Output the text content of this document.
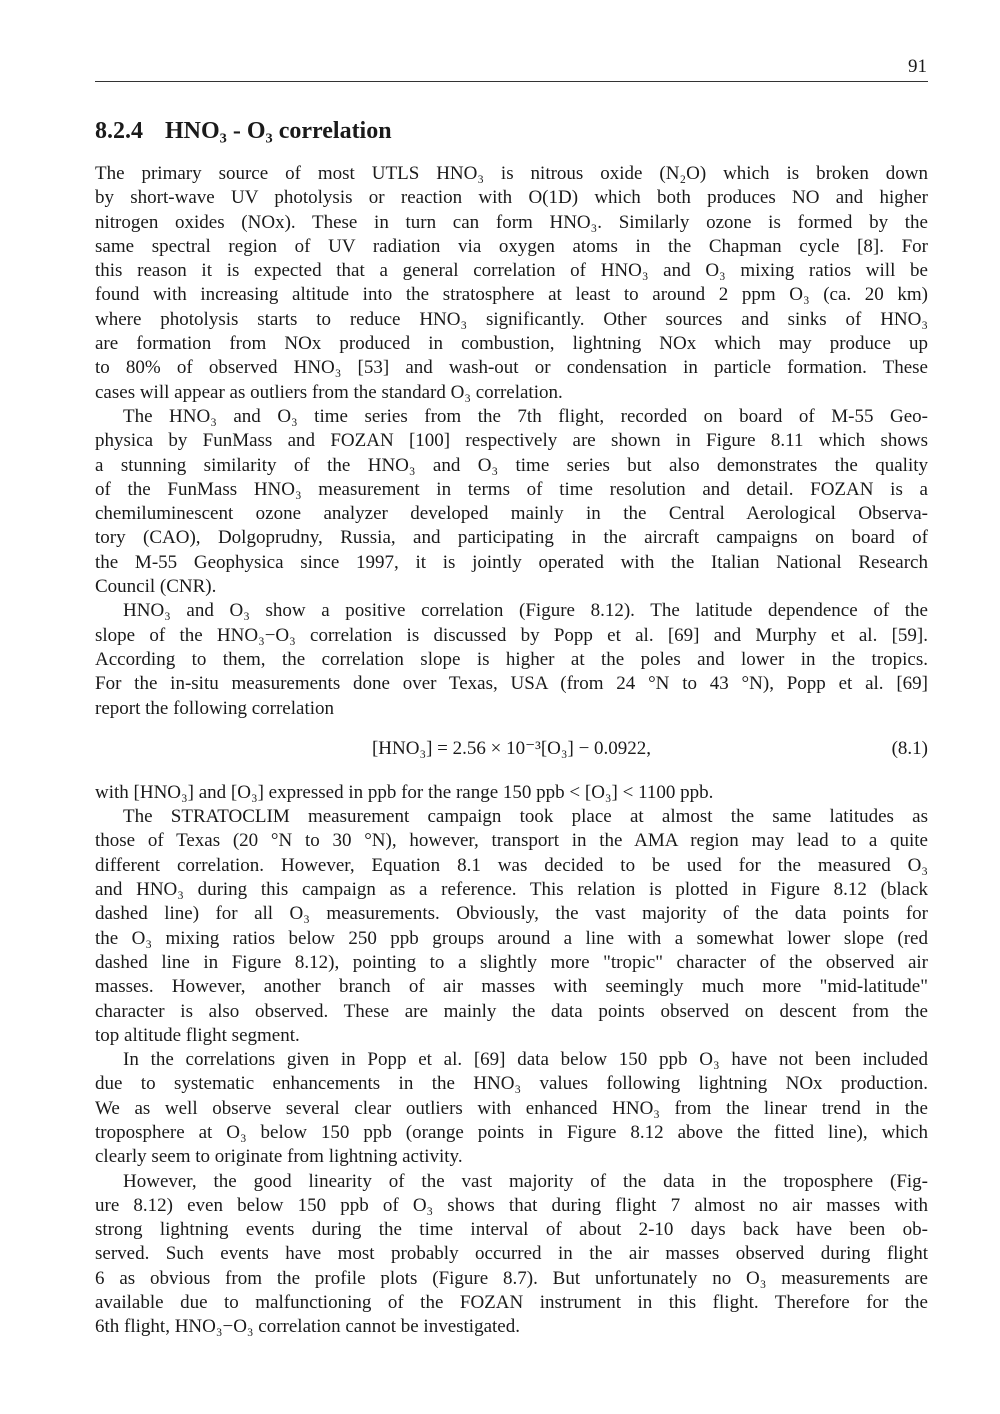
91
8.2.4 HNO₃ - O₃ correlation
The primary source of most UTLS HNO₃ is nitrous oxide (N₂O) which is broken down
by short-wave UV photolysis or reaction with O(1D) which both produces NO and higher
nitrogen oxides (NOx). These in turn can form HNO₃. Similarly ozone is formed by the
same spectral region of UV radiation via oxygen atoms in the Chapman cycle [8]. For
this reason it is expected that a general correlation of HNO₃ and O₃ mixing ratios will be
found with increasing altitude into the stratosphere at least to around 2 ppm O₃ (ca. 20 km)
where photolysis starts to reduce HNO₃ significantly. Other sources and sinks of HNO₃
are formation from NOx produced in combustion, lightning NOx which may produce up
to 80% of observed HNO₃ [53] and wash-out or condensation in particle formation. These
cases will appear as outliers from the standard O₃ correlation.
The HNO₃ and O₃ time series from the 7th flight, recorded on board of M-55 Geo-
physica by FunMass and FOZAN [100] respectively are shown in Figure 8.11 which shows
a stunning similarity of the HNO₃ and O₃ time series but also demonstrates the quality
of the FunMass HNO₃ measurement in terms of time resolution and detail. FOZAN is a
chemiluminescent ozone analyzer developed mainly in the Central Aerological Observa-
tory (CAO), Dolgoprudny, Russia, and participating in the aircraft campaigns on board of
the M-55 Geophysica since 1997, it is jointly operated with the Italian National Research
Council (CNR).
HNO₃ and O₃ show a positive correlation (Figure 8.12). The latitude dependence of the
slope of the HNO₃−O₃ correlation is discussed by Popp et al. [69] and Murphy et al. [59].
According to them, the correlation slope is higher at the poles and lower in the tropics.
For the in-situ measurements done over Texas, USA (from 24 °N to 43 °N), Popp et al. [69]
report the following correlation
[HNO₃] = 2.56 × 10⁻³[O₃] − 0.0922,	(8.1)
with [HNO₃] and [O₃] expressed in ppb for the range 150 ppb < [O₃] < 1100 ppb.
The STRATOCLIM measurement campaign took place at almost the same latitudes as
those of Texas (20 °N to 30 °N), however, transport in the AMA region may lead to a quite
different correlation. However, Equation 8.1 was decided to be used for the measured O₃
and HNO₃ during this campaign as a reference. This relation is plotted in Figure 8.12 (black
dashed line) for all O₃ measurements. Obviously, the vast majority of the data points for
the O₃ mixing ratios below 250 ppb groups around a line with a somewhat lower slope (red
dashed line in Figure 8.12), pointing to a slightly more "tropic" character of the observed air
masses. However, another branch of air masses with seemingly much more "mid-latitude"
character is also observed. These are mainly the data points observed on descent from the
top altitude flight segment.
In the correlations given in Popp et al. [69] data below 150 ppb O₃ have not been included
due to systematic enhancements in the HNO₃ values following lightning NOx production.
We as well observe several clear outliers with enhanced HNO₃ from the linear trend in the
troposphere at O₃ below 150 ppb (orange points in Figure 8.12 above the fitted line), which
clearly seem to originate from lightning activity.
However, the good linearity of the vast majority of the data in the troposphere (Fig-
ure 8.12) even below 150 ppb of O₃ shows that during flight 7 almost no air masses with
strong lightning events during the time interval of about 2-10 days back have been ob-
served. Such events have most probably occurred in the air masses observed during flight
6 as obvious from the profile plots (Figure 8.7). But unfortunately no O₃ measurements are
available due to malfunctioning of the FOZAN instrument in this flight. Therefore for the
6th flight, HNO₃−O₃ correlation cannot be investigated.
